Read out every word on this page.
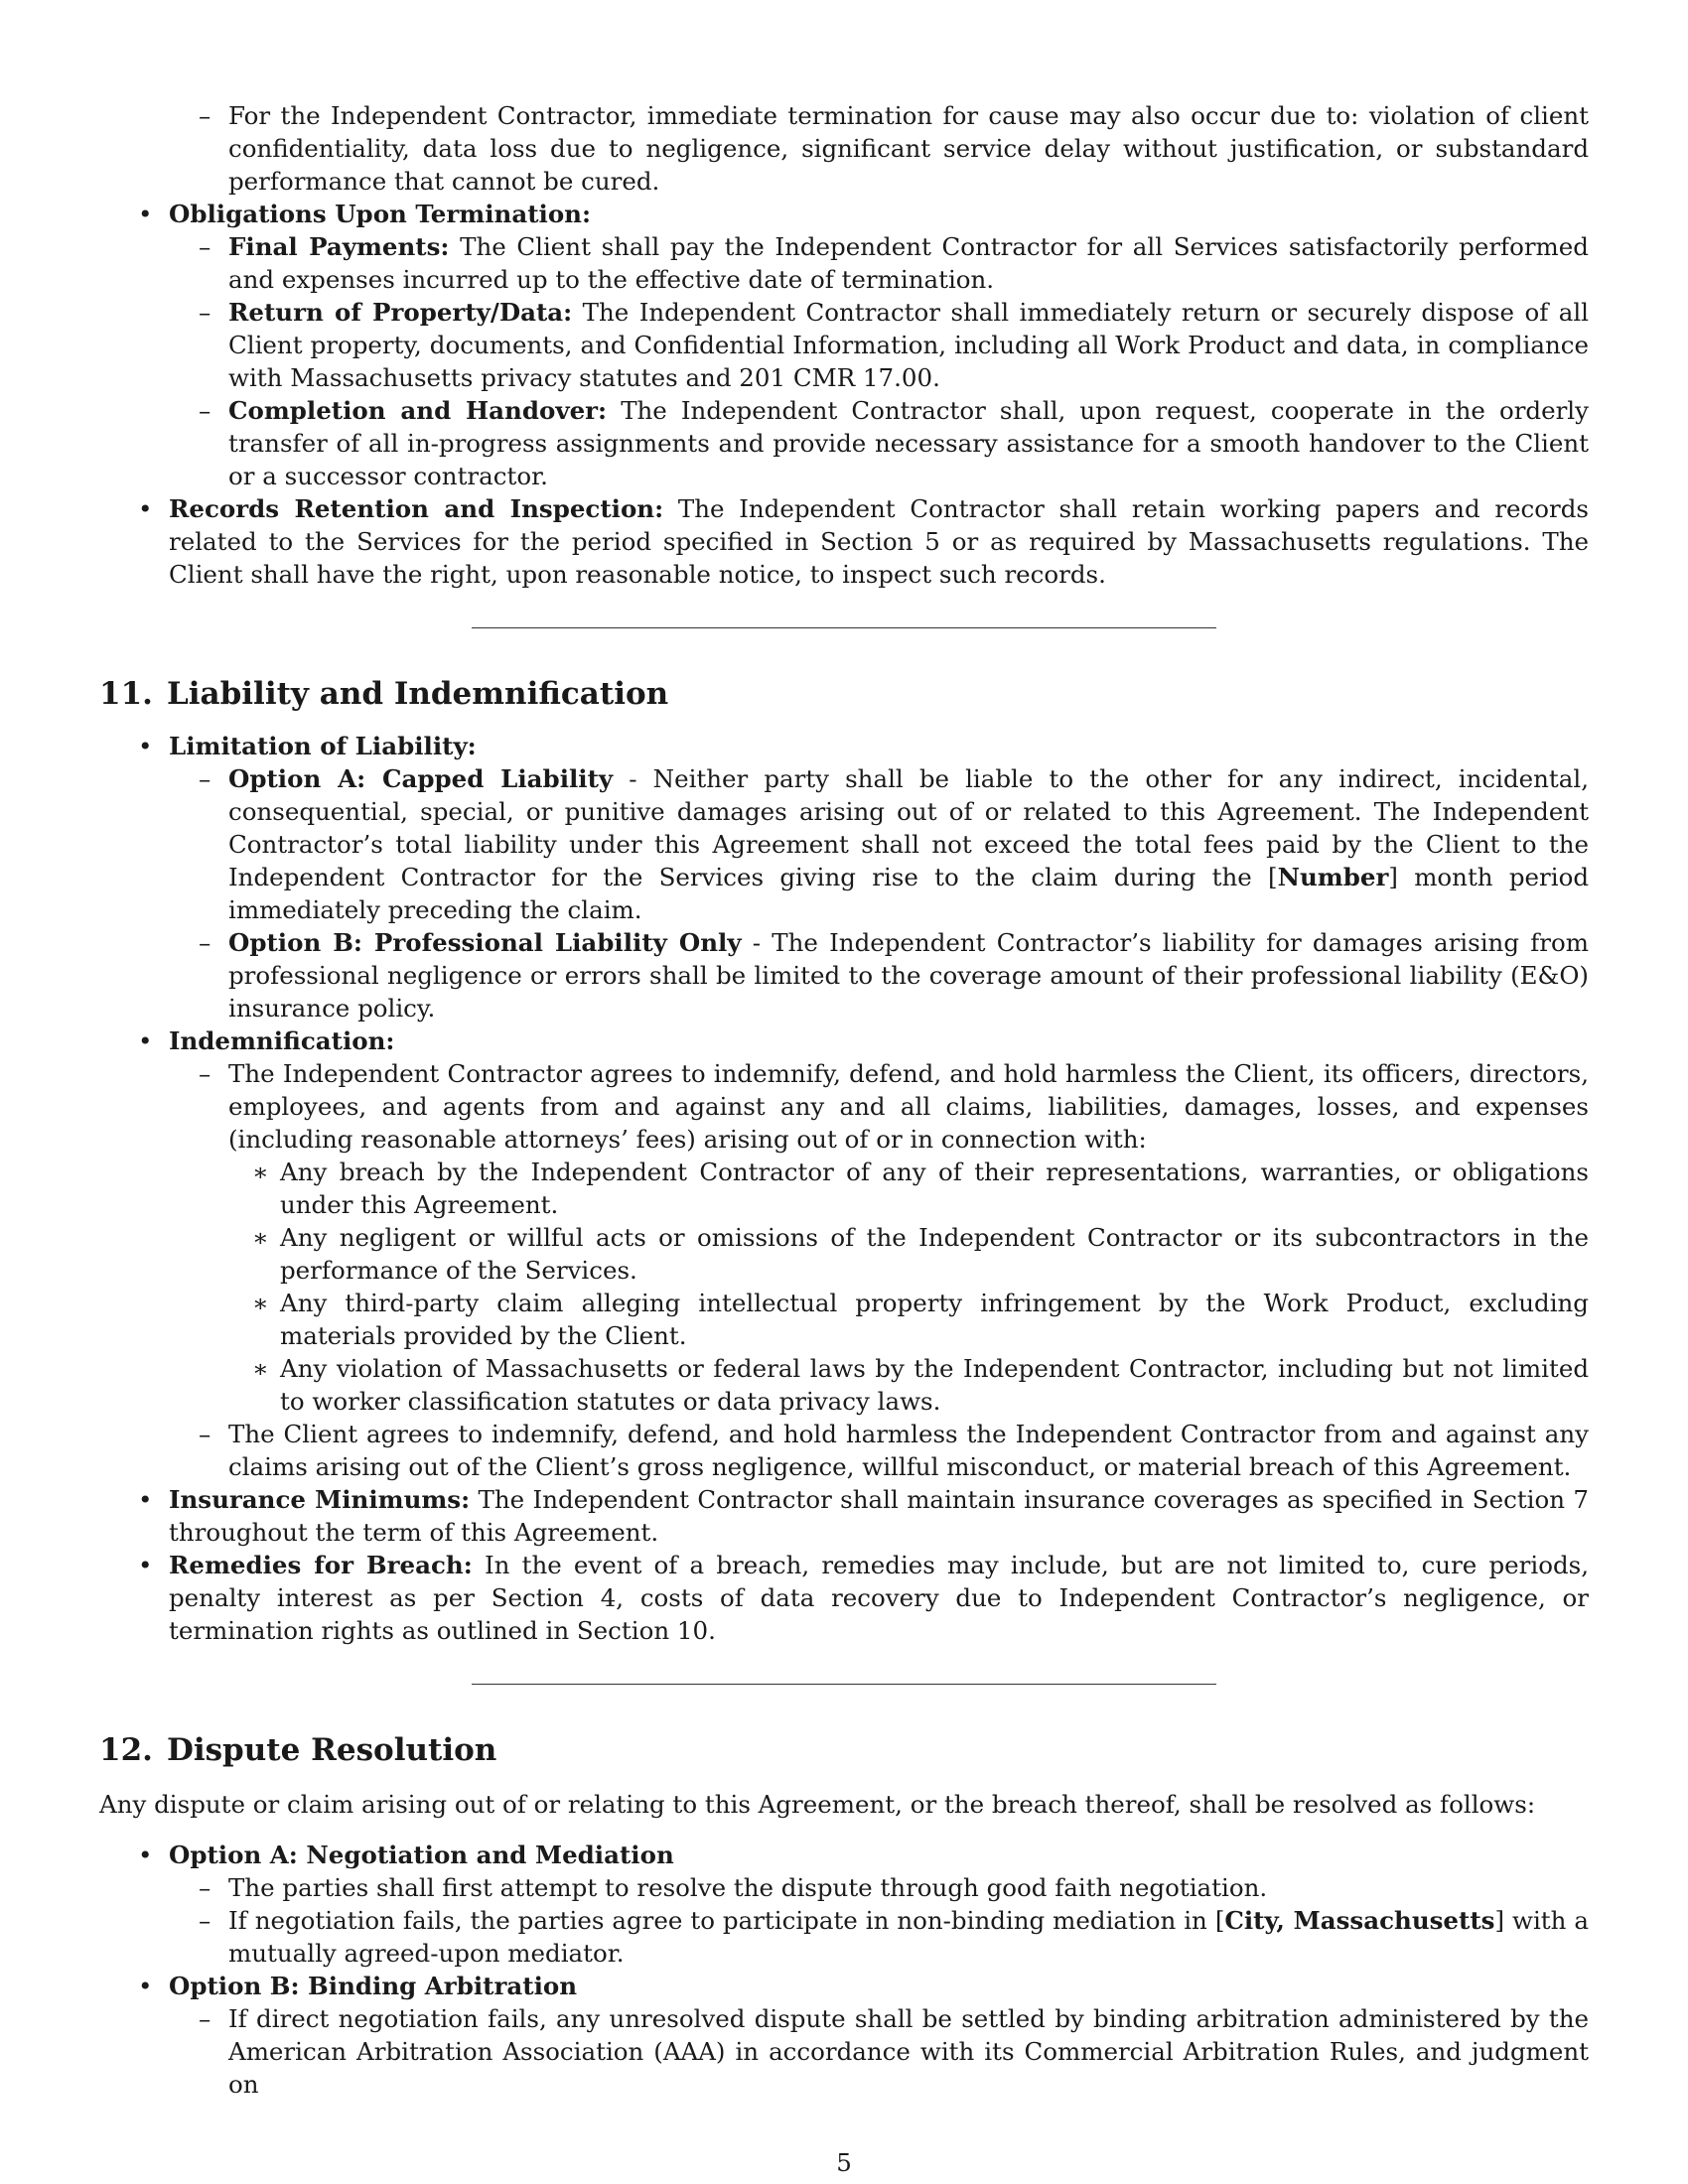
– For the Independent Contractor, immediate termination for cause may also occur due to: violation of client confidentiality, data loss due to negligence, significant service delay without justification, or substandard performance that cannot be cured.

• Obligations Upon Termination:

– Final Payments: The Client shall pay the Independent Contractor for all Services satisfactorily performed and expenses incurred up to the effective date of termination.

– Return of Property/Data: The Independent Contractor shall immediately return or securely dispose of all Client property, documents, and Confidential Information, including all Work Product and data, in compliance with Massachusetts privacy statutes and 201 CMR 17.00.

– Completion and Handover: The Independent Contractor shall, upon request, cooperate in the orderly transfer of all in-progress assignments and provide necessary assistance for a smooth handover to the Client or a successor contractor.

• Records Retention and Inspection: The Independent Contractor shall retain working papers and records related to the Services for the period specified in Section 5 or as required by Massachusetts regulations. The Client shall have the right, upon reasonable notice, to inspect such records.

11. Liability and Indemnification

• Limitation of Liability:

– Option A: Capped Liability - Neither party shall be liable to the other for any indirect, incidental, consequential, special, or punitive damages arising out of or related to this Agreement. The Independent Contractor’s total liability under this Agreement shall not exceed the total fees paid by the Client to the Independent Contractor for the Services giving rise to the claim during the [Number] month period immediately preceding the claim.

– Option B: Professional Liability Only - The Independent Contractor’s liability for damages arising from professional negligence or errors shall be limited to the coverage amount of their professional liability (E&O) insurance policy.

• Indemnification:

– The Independent Contractor agrees to indemnify, defend, and hold harmless the Client, its officers, directors, employees, and agents from and against any and all claims, liabilities, damages, losses, and expenses (including reasonable attorneys’ fees) arising out of or in connection with:

∗ Any breach by the Independent Contractor of any of their representations, warranties, or obligations under this Agreement.

∗ Any negligent or willful acts or omissions of the Independent Contractor or its subcontractors in the performance of the Services.

∗ Any third-party claim alleging intellectual property infringement by the Work Product, excluding materials provided by the Client.

∗ Any violation of Massachusetts or federal laws by the Independent Contractor, including but not limited to worker classification statutes or data privacy laws.

– The Client agrees to indemnify, defend, and hold harmless the Independent Contractor from and against any claims arising out of the Client’s gross negligence, willful misconduct, or material breach of this Agreement.

• Insurance Minimums: The Independent Contractor shall maintain insurance coverages as specified in Section 7 throughout the term of this Agreement.

• Remedies for Breach: In the event of a breach, remedies may include, but are not limited to, cure periods, penalty interest as per Section 4, costs of data recovery due to Independent Contractor’s negligence, or termination rights as outlined in Section 10.

12. Dispute Resolution

Any dispute or claim arising out of or relating to this Agreement, or the breach thereof, shall be resolved as follows:

• Option A: Negotiation and Mediation

– The parties shall first attempt to resolve the dispute through good faith negotiation.

– If negotiation fails, the parties agree to participate in non-binding mediation in [City, Massachusetts] with a mutually agreed-upon mediator.

• Option B: Binding Arbitration

– If direct negotiation fails, any unresolved dispute shall be settled by binding arbitration administered by the American Arbitration Association (AAA) in accordance with its Commercial Arbitration Rules, and judgment on

5
